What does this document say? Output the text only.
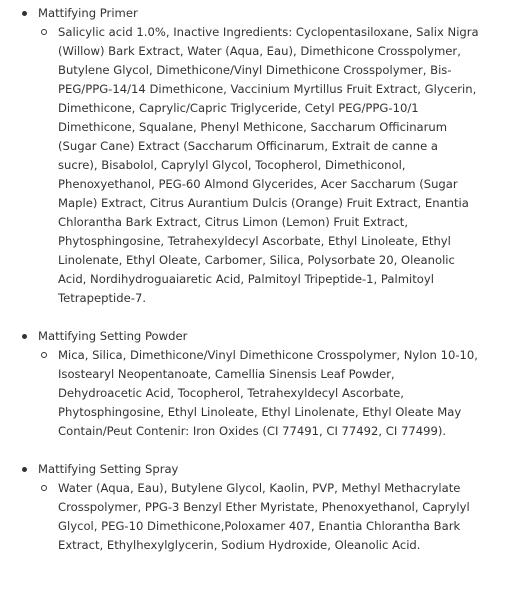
Mattifying Primer
Salicylic acid 1.0%, Inactive Ingredients: Cyclopentasiloxane, Salix Nigra (Willow) Bark Extract, Water (Aqua, Eau), Dimethicone Crosspolymer, Butylene Glycol, Dimethicone/Vinyl Dimethicone Crosspolymer, Bis-PEG/PPG-14/14 Dimethicone, Vaccinium Myrtillus Fruit Extract, Glycerin, Dimethicone, Caprylic/Capric Triglyceride, Cetyl PEG/PPG-10/1 Dimethicone, Squalane, Phenyl Methicone, Saccharum Officinarum (Sugar Cane) Extract (Saccharum Officinarum, Extrait de canne a sucre), Bisabolol, Caprylyl Glycol, Tocopherol, Dimethiconol, Phenoxyethanol, PEG-60 Almond Glycerides, Acer Saccharum (Sugar Maple) Extract, Citrus Aurantium Dulcis (Orange) Fruit Extract, Enantia Chlorantha Bark Extract, Citrus Limon (Lemon) Fruit Extract, Phytosphingosine, Tetrahexyldecyl Ascorbate, Ethyl Linoleate, Ethyl Linolenate, Ethyl Oleate, Carbomer, Silica, Polysorbate 20, Oleanolic Acid, Nordihydroguaiaretic Acid, Palmitoyl Tripeptide-1, Palmitoyl Tetrapeptide-7.
Mattifying Setting Powder
Mica, Silica, Dimethicone/Vinyl Dimethicone Crosspolymer, Nylon 10-10, Isostearyl Neopentanoate, Camellia Sinensis Leaf Powder, Dehydroacetic Acid, Tocopherol, Tetrahexyldecyl Ascorbate, Phytosphingosine, Ethyl Linoleate, Ethyl Linolenate, Ethyl Oleate May Contain/Peut Contenir: Iron Oxides (CI 77491, CI 77492, CI 77499).
Mattifying Setting Spray
Water (Aqua, Eau), Butylene Glycol, Kaolin, PVP, Methyl Methacrylate Crosspolymer, PPG-3 Benzyl Ether Myristate, Phenoxyethanol, Caprylyl Glycol, PEG-10 Dimethicone,Poloxamer 407, Enantia Chlorantha Bark Extract, Ethylhexylglycerin, Sodium Hydroxide, Oleanolic Acid.
